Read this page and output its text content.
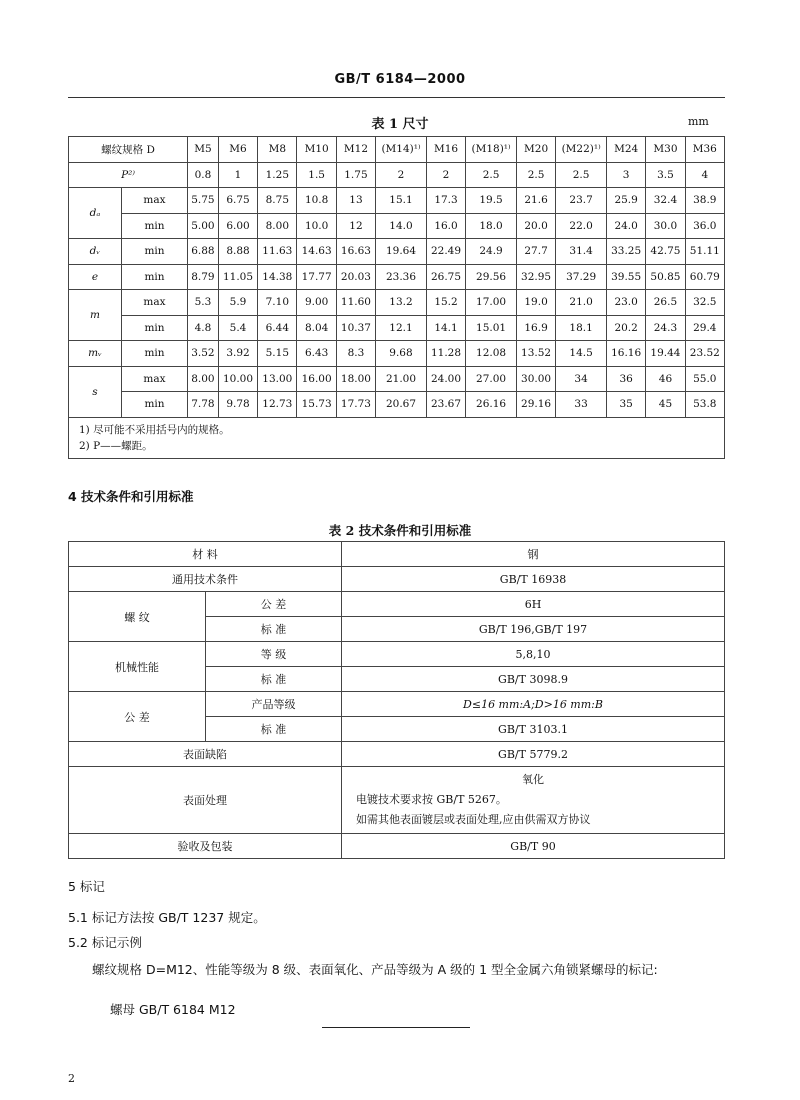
GB/T 6184—2000
表 1 尺寸	mm
螺纹规格 D		M5	M6	M8	M10	M12	(M14)¹⁾	M16	(M18)¹⁾	M20	(M22)¹⁾	M24	M30	M36
P²⁾		0.8	1	1.25	1.5	1.75	2	2	2.5	2.5	2.5	3	3.5	4
dₐ	max	5.75	6.75	8.75	10.8	13	15.1	17.3	19.5	21.6	23.7	25.9	32.4	38.9
	min	5.00	6.00	8.00	10.0	12	14.0	16.0	18.0	20.0	22.0	24.0	30.0	36.0
dᵥ	min	6.88	8.88	11.63	14.63	16.63	19.64	22.49	24.9	27.7	31.4	33.25	42.75	51.11
e	min	8.79	11.05	14.38	17.77	20.03	23.36	26.75	29.56	32.95	37.29	39.55	50.85	60.79
m	max	5.3	5.9	7.10	9.00	11.60	13.2	15.2	17.00	19.0	21.0	23.0	26.5	32.5
	min	4.8	5.4	6.44	8.04	10.37	12.1	14.1	15.01	16.9	18.1	20.2	24.3	29.4
mᵥ	min	3.52	3.92	5.15	6.43	8.3	9.68	11.28	12.08	13.52	14.5	16.16	19.44	23.52
s	max	8.00	10.00	13.00	16.00	18.00	21.00	24.00	27.00	30.00	34	36	46	55.0
	min	7.78	9.78	12.73	15.73	17.73	20.67	23.67	26.16	29.16	33	35	45	53.8

1) 尽可能不采用括号内的规格。
2) P——螺距。														
4 技术条件和引用标准
表 2 技术条件和引用标准
材 料		钢
通用技术条件		GB/T 16938
螺 纹	公 差	6H
	标 准	GB/T 196,GB/T 197
机械性能	等 级	5,8,10
	标 准	GB/T 3098.9
公 差	产品等级	D≤16 mm:A;D>16 mm:B
	标 准	GB/T 3103.1
表面缺陷		GB/T 5779.2
表面处理		氧化
电镀技术要求按 GB/T 5267。
如需其他表面镀层或表面处理,应由供需双方协议

验收及包装		GB/T 90
5 标记
5.1 标记方法按 GB/T 1237 规定。
5.2 标记示例
螺纹规格 D=M12、性能等级为 8 级、表面氧化、产品等级为 A 级的 1 型全金属六角锁紧螺母的标记:
螺母 GB/T 6184 M12
2
